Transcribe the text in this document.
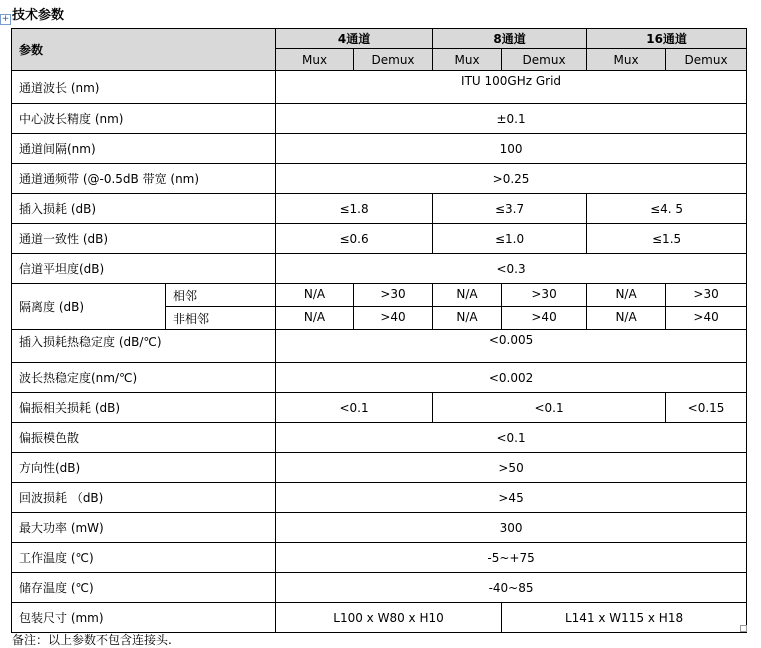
+ 技术参数
参数		4通道		8通道		16通道	
		Mux	Demux	Mux	Demux	Mux	Demux
通道波长 (nm)		ITU 100GHz Grid					
中心波长精度 (nm)		±0.1					
通道间隔(nm)		100					
通道通频带 (@-0.5dB 带宽 (nm)		>0.25					
插入损耗 (dB)		≤1.8		≤3.7		≤4. 5	
通道一致性 (dB)		≤0.6		≤1.0		≤1.5	
信道平坦度(dB)		<0.3					
隔离度 (dB)	相邻	N/A	>30	N/A	>30	N/A	>30
	非相邻	N/A	>40	N/A	>40	N/A	>40
插入损耗热稳定度 (dB/℃)		<0.005					
波长热稳定度(nm/℃)		<0.002					
偏振相关损耗 (dB)		<0.1		<0.1			<0.15
偏振模色散		<0.1					
方向性(dB)		>50					
回波损耗 （dB)		>45					
最大功率 (mW)		300					
工作温度 (℃)		-5~+75					
储存温度 (℃)		-40~85					
包装尺寸 (mm)		L100 x W80 x H10			L141 x W115 x H18		
备注：以上参数不包含连接头.
